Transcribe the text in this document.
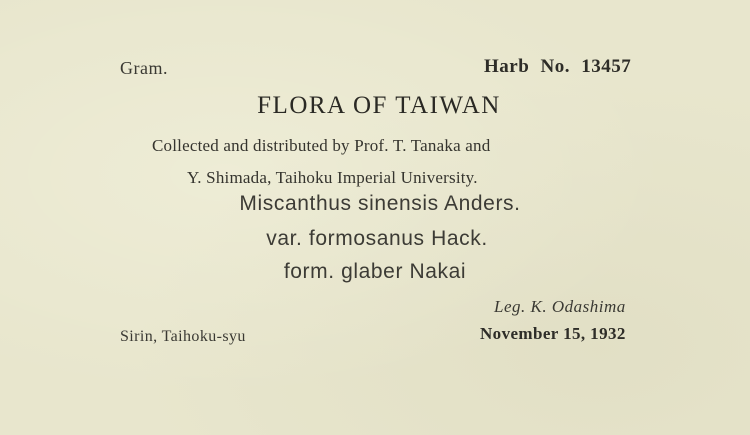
Gram.	Harb No. 13457
FLORA OF TAIWAN
Collected and distributed by Prof. T. Tanaka and
Y. Shimada, Taihoku Imperial University.
Miscanthus sinensis Anders.
var. formosanus Hack.
form. glaber Nakai
Leg. K. Odashima
Sirin, Taihoku-syu	November 15, 1932
